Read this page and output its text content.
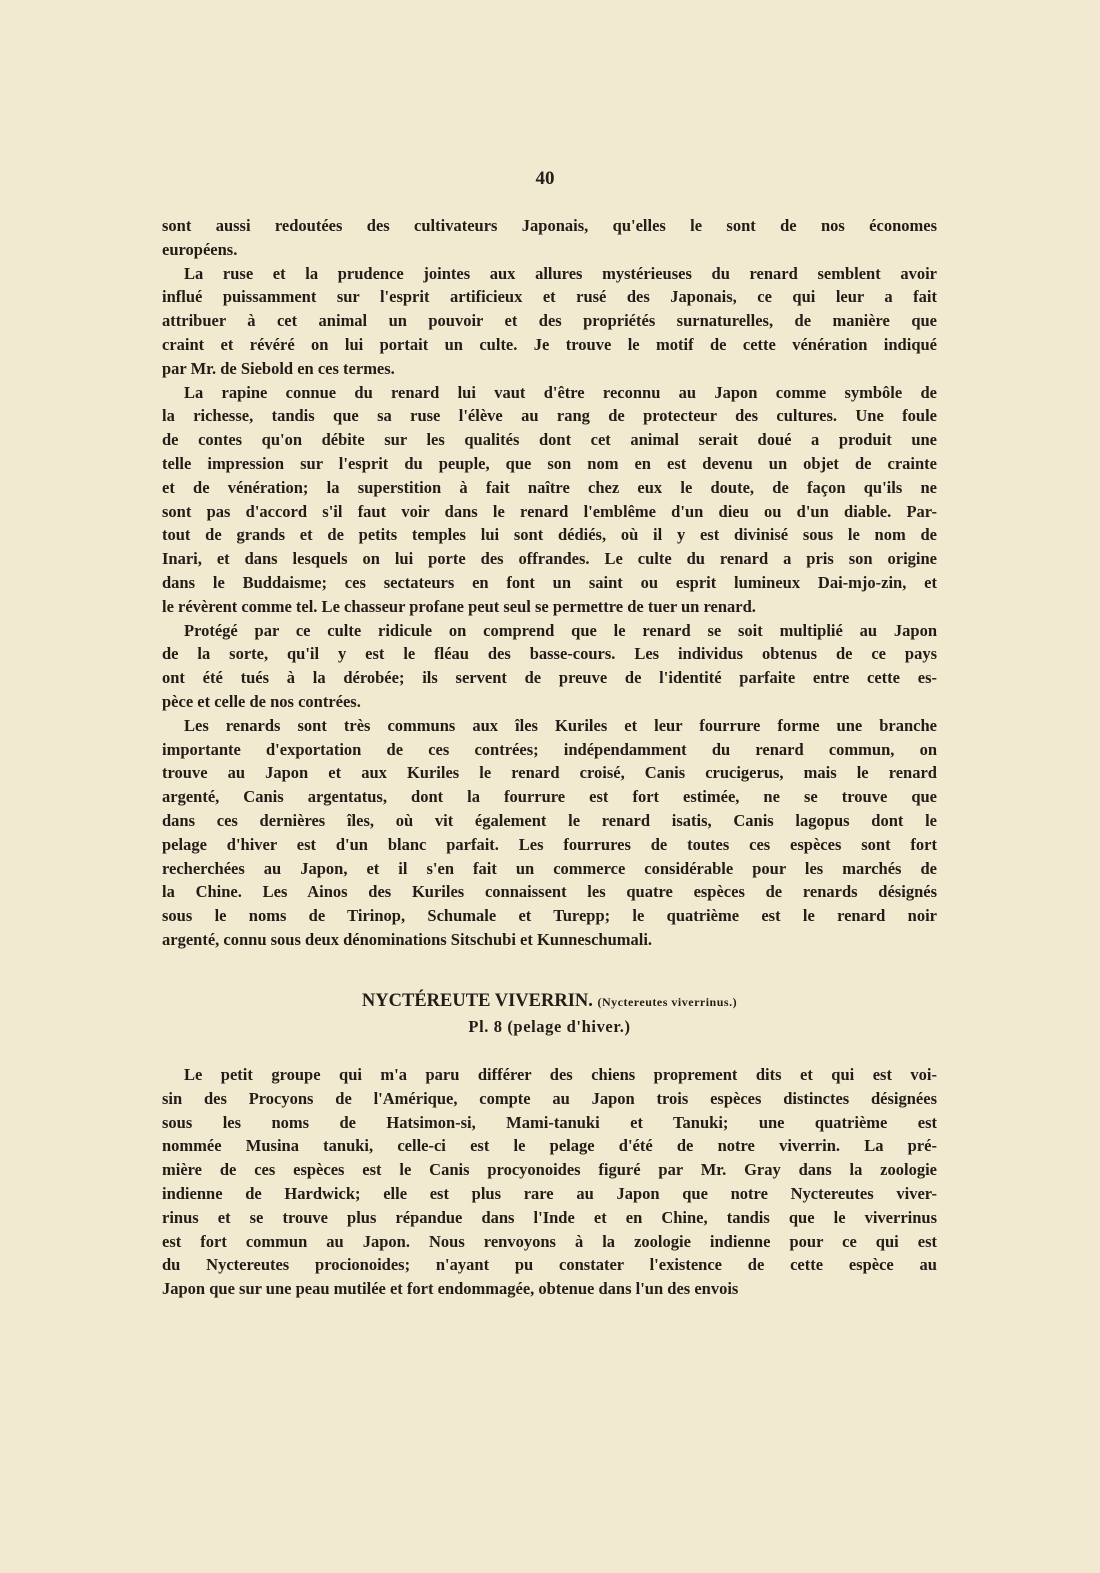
40
sont aussi redoutées des cultivateurs Japonais, qu'elles le sont de nos économes
européens.
La ruse et la prudence jointes aux allures mystérieuses du renard semblent avoir
influé puissamment sur l'esprit artificieux et rusé des Japonais, ce qui leur a fait
attribuer à cet animal un pouvoir et des propriétés surnaturelles, de manière que
craint et révéré on lui portait un culte. Je trouve le motif de cette vénération indiqué
par Mr. de Siebold en ces termes.
La rapine connue du renard lui vaut d'être reconnu au Japon comme symbôle de
la richesse, tandis que sa ruse l'élève au rang de protecteur des cultures. Une foule
de contes qu'on débite sur les qualités dont cet animal serait doué a produit une
telle impression sur l'esprit du peuple, que son nom en est devenu un objet de crainte
et de vénération; la superstition à fait naître chez eux le doute, de façon qu'ils ne
sont pas d'accord s'il faut voir dans le renard l'emblême d'un dieu ou d'un diable. Par-
tout de grands et de petits temples lui sont dédiés, où il y est divinisé sous le nom de
Inari, et dans lesquels on lui porte des offrandes. Le culte du renard a pris son origine
dans le Buddaisme; ces sectateurs en font un saint ou esprit lumineux Dai-mjo-zin, et
le révèrent comme tel. Le chasseur profane peut seul se permettre de tuer un renard.
Protégé par ce culte ridicule on comprend que le renard se soit multiplié au Japon
de la sorte, qu'il y est le fléau des basse-cours. Les individus obtenus de ce pays
ont été tués à la dérobée; ils servent de preuve de l'identité parfaite entre cette es-
pèce et celle de nos contrées.
Les renards sont très communs aux îles Kuriles et leur fourrure forme une branche
importante d'exportation de ces contrées; indépendamment du renard commun, on
trouve au Japon et aux Kuriles le renard croisé, Canis crucigerus, mais le renard
argenté, Canis argentatus, dont la fourrure est fort estimée, ne se trouve que
dans ces dernières îles, où vit également le renard isatis, Canis lagopus dont le
pelage d'hiver est d'un blanc parfait. Les fourrures de toutes ces espèces sont fort
recherchées au Japon, et il s'en fait un commerce considérable pour les marchés de
la Chine. Les Ainos des Kuriles connaissent les quatre espèces de renards désignés
sous le noms de Tirinop, Schumale et Turepp; le quatrième est le renard noir
argenté, connu sous deux dénominations Sitschubi et Kunneschumali.
NYCTÉREUTE VIVERRIN. (Nyctereutes viverrinus.)
Pl. 8 (pelage d'hiver.)
Le petit groupe qui m'a paru différer des chiens proprement dits et qui est voi-
sin des Procyons de l'Amérique, compte au Japon trois espèces distinctes désignées
sous les noms de Hatsimon-si, Mami-tanuki et Tanuki; une quatrième est
nommée Musina tanuki, celle-ci est le pelage d'été de notre viverrin. La pré-
mière de ces espèces est le Canis procyonoides figuré par Mr. Gray dans la zoologie
indienne de Hardwick; elle est plus rare au Japon que notre Nyctereutes viver-
rinus et se trouve plus répandue dans l'Inde et en Chine, tandis que le viverrinus
est fort commun au Japon. Nous renvoyons à la zoologie indienne pour ce qui est
du Nyctereutes procionoides; n'ayant pu constater l'existence de cette espèce au
Japon que sur une peau mutilée et fort endommagée, obtenue dans l'un des envois
